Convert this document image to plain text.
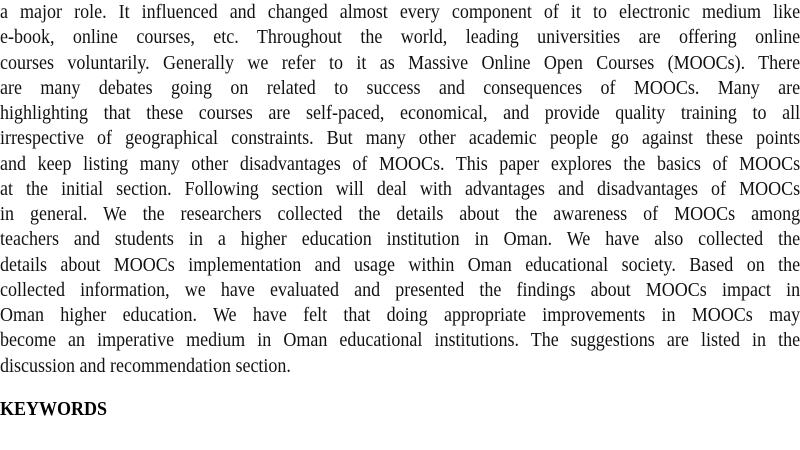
a major role. It influenced and changed almost every component of it to electronic medium like
e-book, online courses, etc. Throughout the world, leading universities are offering online
courses voluntarily. Generally we refer to it as Massive Online Open Courses (MOOCs). There
are many debates going on related to success and consequences of MOOCs. Many are
highlighting that these courses are self-paced, economical, and provide quality training to all
irrespective of geographical constraints. But many other academic people go against these points
and keep listing many other disadvantages of MOOCs. This paper explores the basics of MOOCs
at the initial section. Following section will deal with advantages and disadvantages of MOOCs
in general. We the researchers collected the details about the awareness of MOOCs among
teachers and students in a higher education institution in Oman. We have also collected the
details about MOOCs implementation and usage within Oman educational society. Based on the
collected information, we have evaluated and presented the findings about MOOCs impact in
Oman higher education. We have felt that doing appropriate improvements in MOOCs may
become an imperative medium in Oman educational institutions. The suggestions are listed in the
discussion and recommendation section.
KEYWORDS
